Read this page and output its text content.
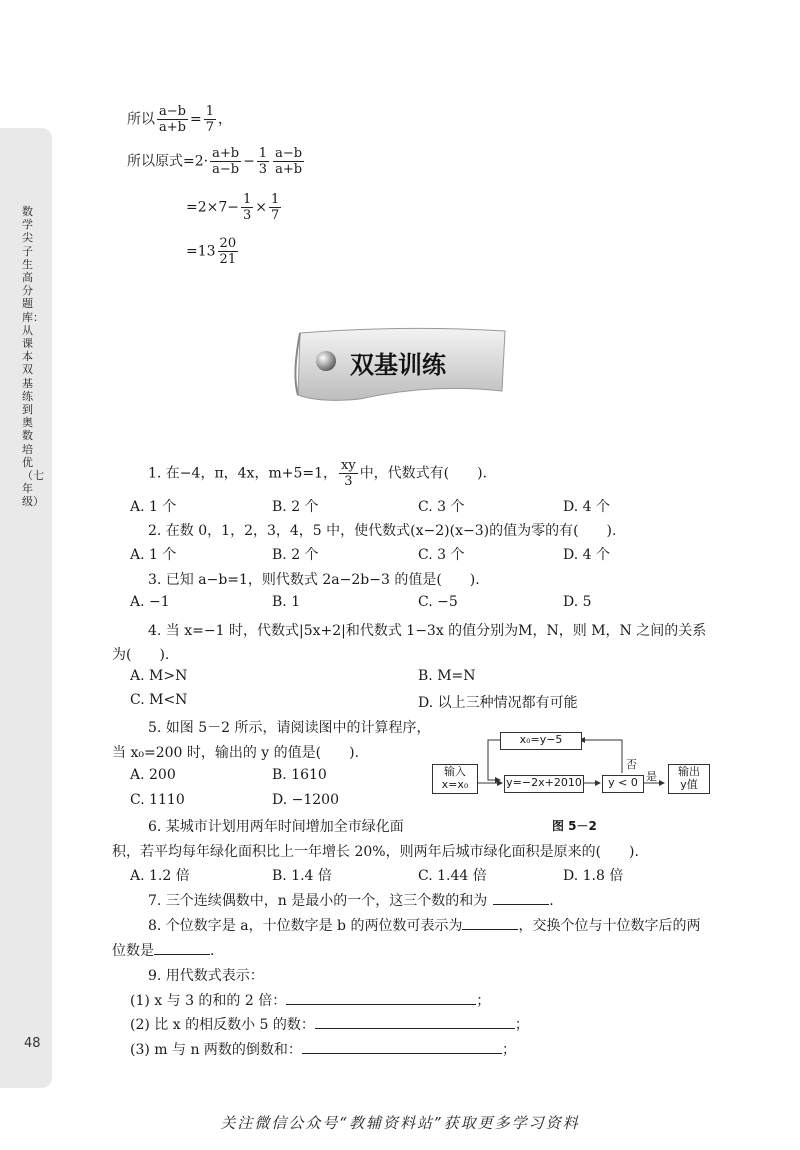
数学尖子生高分题库：从课本双基练到奥数培优（七年级）
48
所以 $\frac{a-b}{a+b} = \frac{1}{7}$ ，
所以原式$=2\cdot \frac{a+b}{a-b} - \frac{1}{3} \frac{a-b}{a+b}$
$=2\times 7- \frac{1}{3} \times \frac{1}{7}$
$=13 \frac{20}{21}$
双基训练
1. 在−4，π，4x，m+5=1， $\frac{xy}{3}$ 中，代数式有(　　).
A. 1 个	B. 2 个	C. 3 个	D. 4 个
2. 在数 0，1，2，3，4，5 中，使代数式(x−2)(x−3)的值为零的有(　　).
A. 1 个	B. 2 个	C. 3 个	D. 4 个
3. 已知 a−b=1，则代数式 2a−2b−3 的值是(　　).
A. −1	B. 1	C. −5	D. 5
4. 当 x=−1 时，代数式|5x+2|和代数式 1−3x 的值分别为M，N，则 M，N 之间的关系
为(　　).
A. M>N	B. M=N
C. M<N	D. 以上三种情况都有可能
5. 如图 5－2 所示，请阅读图中的计算程序，
当 x₀=200 时，输出的 y 的值是(　　).
A. 200	B. 1610
C. 1110	D. −1200
x₀=y−5
输入
x=x₀	y=−2x+2010	y < 0
输出
y值
否
是
图 5－2
6. 某城市计划用两年时间增加全市绿化面
积，若平均每年绿化面积比上一年增长 20%，则两年后城市绿化面积是原来的(　　).
A. 1.2 倍	B. 1.4 倍	C. 1.44 倍	D. 1.8 倍
7. 三个连续偶数中，n 是最小的一个，这三个数的和为	.
8. 个位数字是 a，十位数字是 b 的两位数可表示为	，交换个位与十位数字后的两
位数是	.
9. 用代数式表示：
(1) x 与 3 的和的 2 倍：	；
(2) 比 x 的相反数小 5 的数：	；
(3) m 与 n 两数的倒数和：	；
关注微信公众号“教辅资料站”获取更多学习资料
